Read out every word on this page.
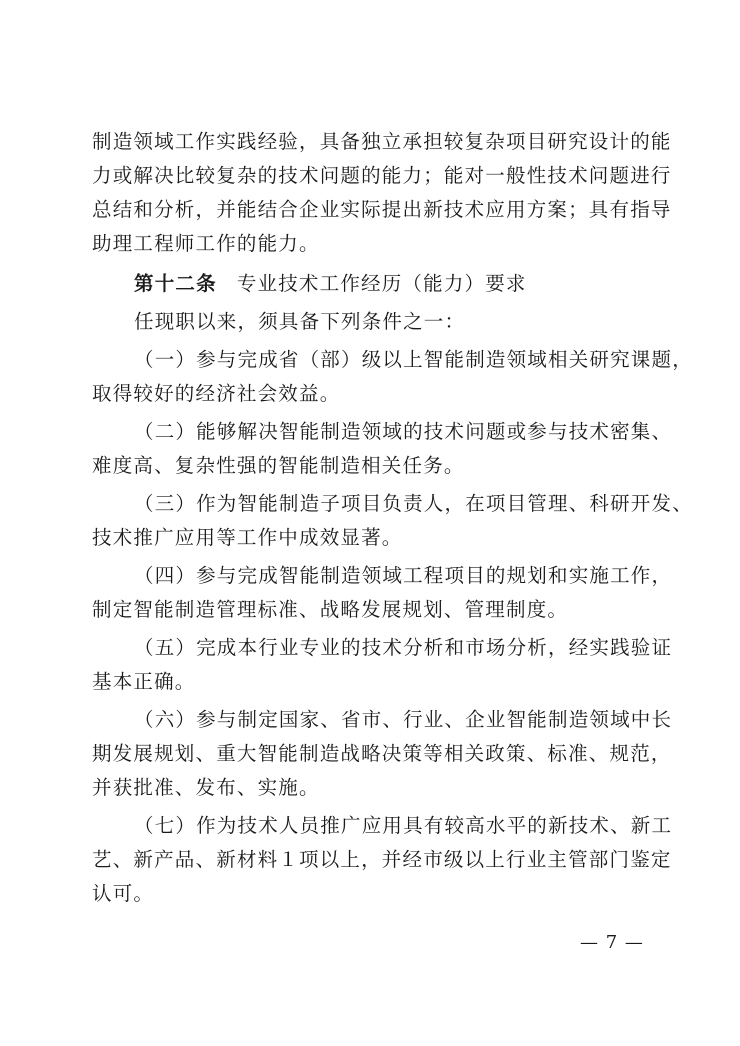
制造领域工作实践经验，具备独立承担较复杂项目研究设计的能
力或解决比较复杂的技术问题的能力；能对一般性技术问题进行
总结和分析，并能结合企业实际提出新技术应用方案；具有指导
助理工程师工作的能力。
第十二条 专业技术工作经历（能力）要求
任现职以来，须具备下列条件之一：
（一）参与完成省（部）级以上智能制造领域相关研究课题，
取得较好的经济社会效益。
（二）能够解决智能制造领域的技术问题或参与技术密集、
难度高、复杂性强的智能制造相关任务。
（三）作为智能制造子项目负责人，在项目管理、科研开发、
技术推广应用等工作中成效显著。
（四）参与完成智能制造领域工程项目的规划和实施工作，
制定智能制造管理标准、战略发展规划、管理制度。
（五）完成本行业专业的技术分析和市场分析，经实践验证
基本正确。
（六）参与制定国家、省市、行业、企业智能制造领域中长
期发展规划、重大智能制造战略决策等相关政策、标准、规范，
并获批准、发布、实施。
（七）作为技术人员推广应用具有较高水平的新技术、新工
艺、新产品、新材料１项以上，并经市级以上行业主管部门鉴定
认可。
— 7 —
